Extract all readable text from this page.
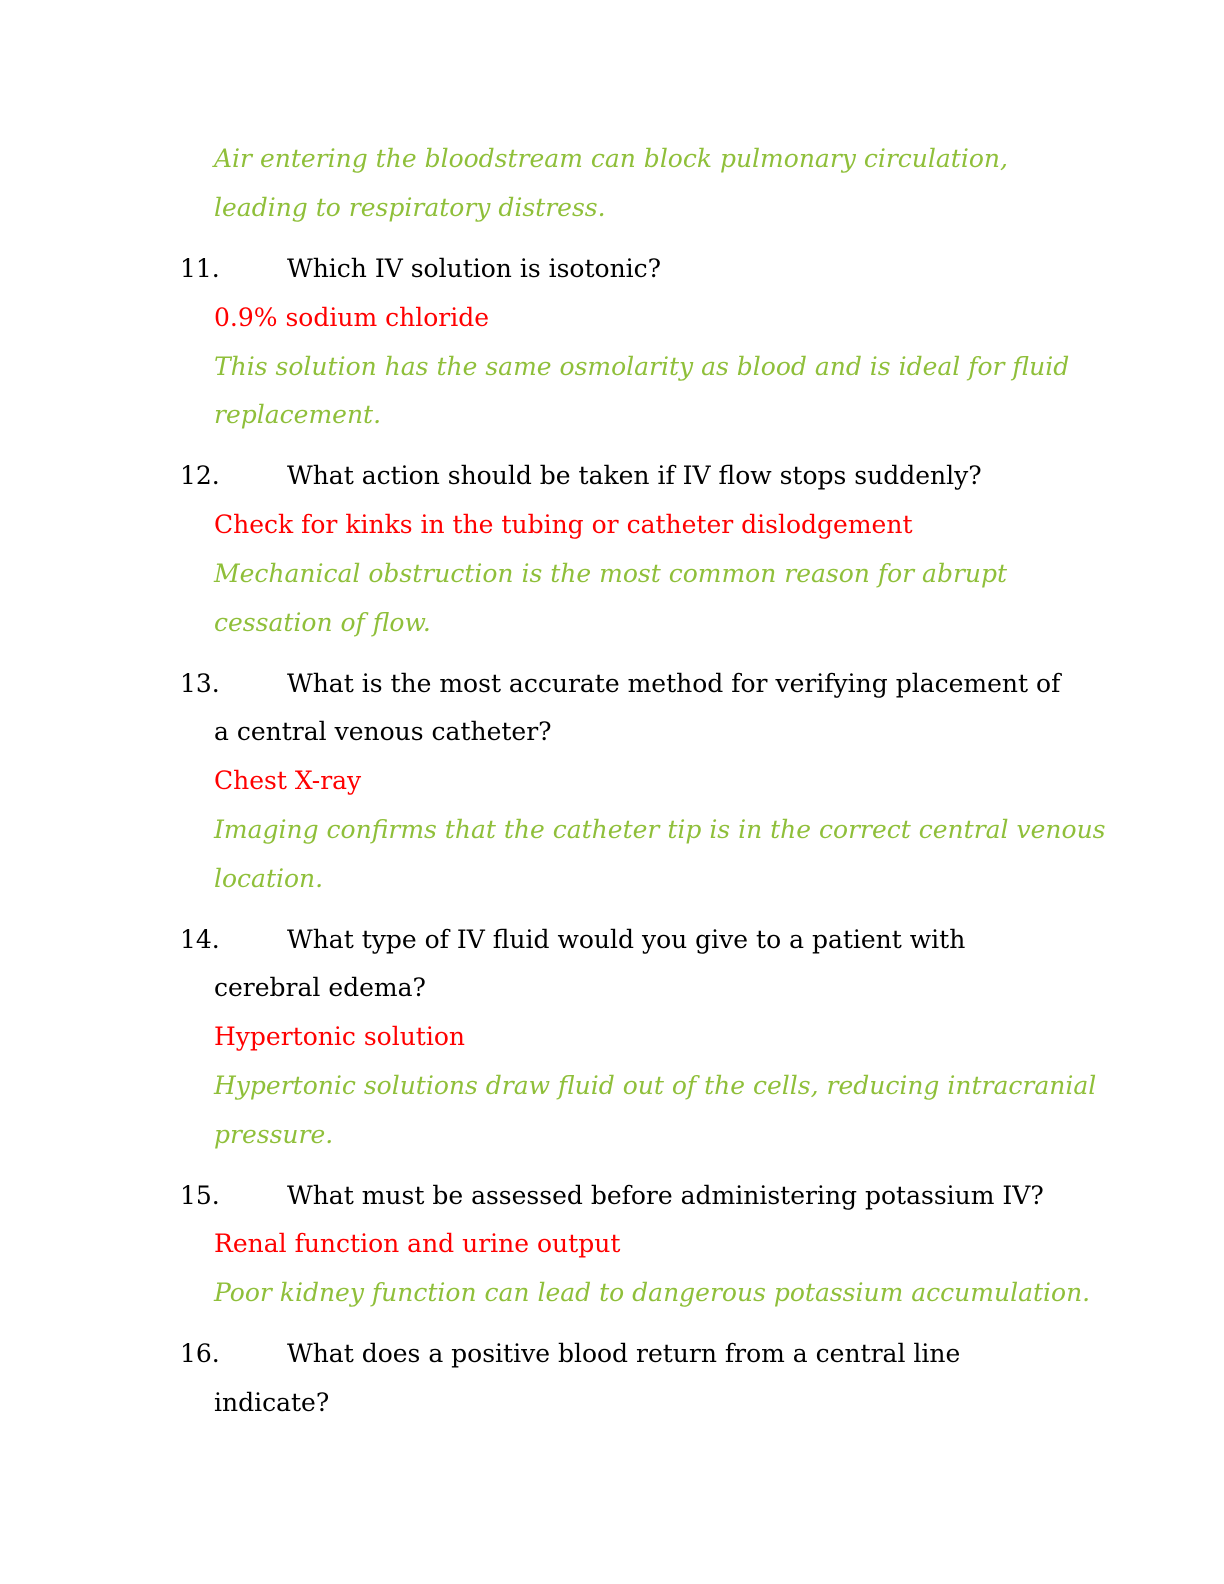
Air entering the bloodstream can block pulmonary circulation,
leading to respiratory distress.
11.	Which IV solution is isotonic?
0.9% sodium chloride
This solution has the same osmolarity as blood and is ideal for fluid
replacement.
12.	What action should be taken if IV flow stops suddenly?
Check for kinks in the tubing or catheter dislodgement
Mechanical obstruction is the most common reason for abrupt
cessation of flow.
13.	What is the most accurate method for verifying placement of
a central venous catheter?
Chest X-ray
Imaging confirms that the catheter tip is in the correct central venous
location.
14.	What type of IV fluid would you give to a patient with
cerebral edema?
Hypertonic solution
Hypertonic solutions draw fluid out of the cells, reducing intracranial
pressure.
15.	What must be assessed before administering potassium IV?
Renal function and urine output
Poor kidney function can lead to dangerous potassium accumulation.
16.	What does a positive blood return from a central line
indicate?
